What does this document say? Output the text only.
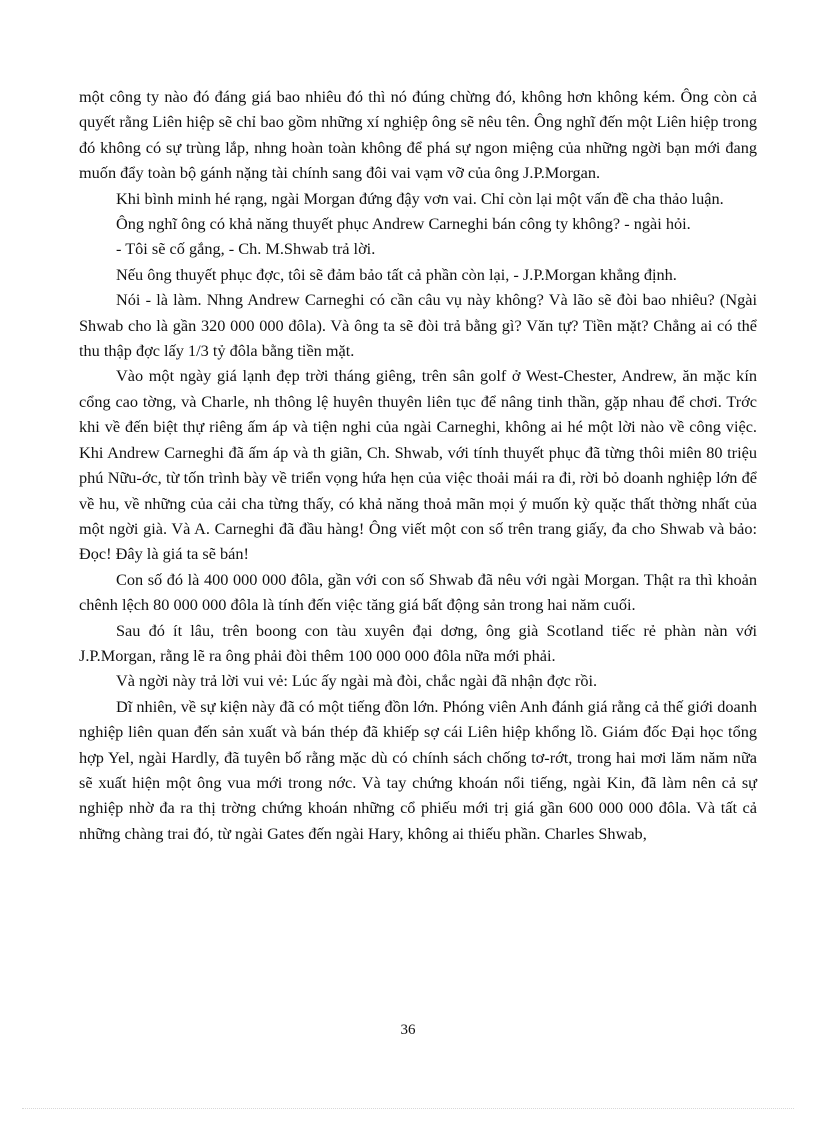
một công ty nào đó đáng giá bao nhiêu đó thì nó đúng chừng đó, không hơn không kém. Ông còn cả quyết rằng Liên hiệp sẽ chỉ bao gồm những xí nghiệp ông sẽ nêu tên. Ông nghĩ đến một Liên hiệp trong đó không có sự trùng lắp, nhng hoàn toàn không để phá sự ngon miệng của những ngời bạn mới đang muốn đẩy toàn bộ gánh nặng tài chính sang đôi vai vạm vỡ của ông J.P.Morgan.

Khi bình minh hé rạng, ngài Morgan đứng đậy vơn vai. Chỉ còn lại một vấn đề cha thảo luận.

Ông nghĩ ông có khả năng thuyết phục Andrew Carneghi bán công ty không? - ngài hỏi.

- Tôi sẽ cố gắng, - Ch. M.Shwab trả lời.

Nếu ông thuyết phục đợc, tôi sẽ đảm bảo tất cả phần còn lại, - J.P.Morgan khẳng định.

Nói - là làm. Nhng Andrew Carneghi có cần câu vụ này không? Và lão sẽ đòi bao nhiêu? (Ngài Shwab cho là gần 320 000 000 đôla). Và ông ta sẽ đòi trả bằng gì? Văn tự? Tiền mặt? Chẳng ai có thể thu thập đợc lấy 1/3 tỷ đôla bằng tiền mặt.

Vào một ngày giá lạnh đẹp trời tháng giêng, trên sân golf ở West-Chester, Andrew, ăn mặc kín cổng cao tờng, và Charle, nh thông lệ huyên thuyên liên tục để nâng tinh thần, gặp nhau để chơi. Trớc khi về đến biệt thự riêng ấm áp và tiện nghi của ngài Carneghi, không ai hé một lời nào về công việc. Khi Andrew Carneghi đã ấm áp và th giãn, Ch. Shwab, với tính thuyết phục đã từng thôi miên 80 triệu phú Nữu-ớc, từ tốn trình bày về triển vọng hứa hẹn của việc thoải mái ra đi, rời bỏ doanh nghiệp lớn để về hu, về những của cải cha từng thấy, có khả năng thoả mãn mọi ý muốn kỳ quặc thất thờng nhất của một ngời già. Và A. Carneghi đã đầu hàng! Ông viết một con số trên trang giấy, đa cho Shwab và bảo: Đọc! Đây là giá ta sẽ bán!

Con số đó là 400 000 000 đôla, gần với con số Shwab đã nêu với ngài Morgan. Thật ra thì khoản chênh lệch 80 000 000 đôla là tính đến việc tăng giá bất động sản trong hai năm cuối.

Sau đó ít lâu, trên boong con tàu xuyên đại dơng, ông già Scotland tiếc rẻ phàn nàn với J.P.Morgan, rằng lẽ ra ông phải đòi thêm 100 000 000 đôla nữa mới phải.

Và ngời này trả lời vui vẻ: Lúc ấy ngài mà đòi, chắc ngài đã nhận đợc rồi.

Dĩ nhiên, về sự kiện này đã có một tiếng đồn lớn. Phóng viên Anh đánh giá rằng cả thế giới doanh nghiệp liên quan đến sản xuất và bán thép đã khiếp sợ cái Liên hiệp khổng lồ. Giám đốc Đại học tổng hợp Yel, ngài Hardly, đã tuyên bố rằng mặc dù có chính sách chống tơ-rớt, trong hai mơi lăm năm nữa sẽ xuất hiện một ông vua mới trong nớc. Và tay chứng khoán nổi tiếng, ngài Kin, đã làm nên cả sự nghiệp nhờ đa ra thị trờng chứng khoán những cổ phiếu mới trị giá gần 600 000 000 đôla. Và tất cả những chàng trai đó, từ ngài Gates đến ngài Hary, không ai thiếu phần. Charles Shwab,

36
